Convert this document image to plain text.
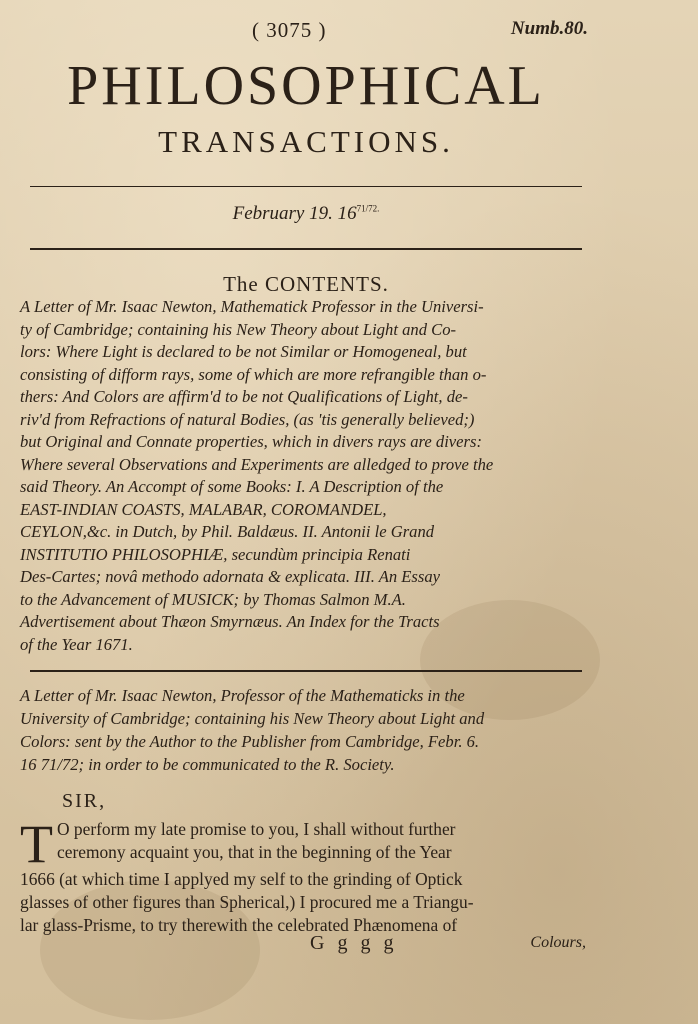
( 3075 )	Numb.80.
PHILOSOPHICAL
TRANSACTIONS.
February 19. $16^{71/72.}$
The CONTENTS.

A Letter of Mr. Isaac Newton, Mathematick Professor in the Universi-

ty of Cambridge; containing his New Theory about Light and Co-

lors: Where Light is declared to be not Similar or Homogeneal, but

consisting of difform rays, some of which are more refrangible than o-

thers: And Colors are affirm'd to be not Qualifications of Light, de-

riv'd from Refractions of natural Bodies, (as 'tis generally believed;)

but Original and Connate properties, which in divers rays are divers:

Where several Observations and Experiments are alledged to prove the

said Theory. An Accompt of some Books: I. A Description of the

EAST-INDIAN COASTS, MALABAR, COROMANDEL,

CEYLON,&c. in Dutch, by Phil. Baldæus. II. Antonii le Grand

INSTITUTIO PHILOSOPHIÆ, secundùm principia Renati

Des-Cartes; novâ methodo adornata & explicata. III. An Essay

to the Advancement of MUSICK; by Thomas Salmon M.A.

Advertisement about Thæon Smyrnæus. An Index for the Tracts

of the Year 1671.

A Letter of Mr. Isaac Newton, Professor of the Mathematicks in the
University of Cambridge; containing his New Theory about Light and
Colors: sent by the Author to the Publisher from Cambridge, Febr. 6.
16 71/72; in order to be communicated to the R. Society.
SIR,
T O perform my late promise to you, I shall without further
ceremony acquaint you, that in the beginning of the Year
1666 (at which time I applyed my self to the grinding of Optick
glasses of other figures than Spherical,) I procured me a Triangu-
lar glass-Prisme, to try therewith the celebrated Phænomena of
G g g g	Colours,
